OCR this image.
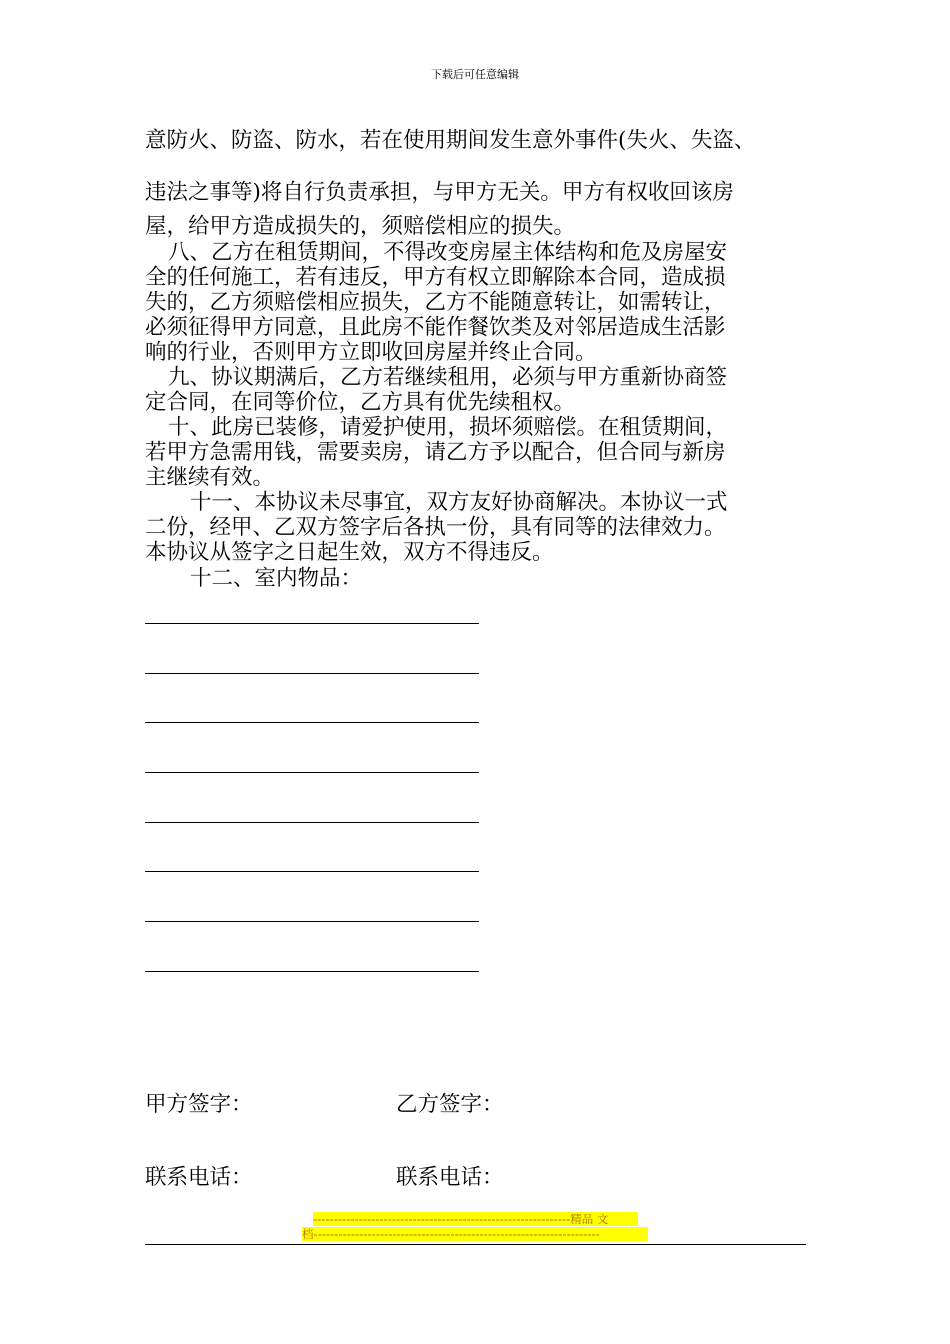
下载后可任意编辑
意防火、防盗、防水，若在使用期间发生意外事件(失火、失盗、
违法之事等)将自行负责承担，与甲方无关。甲方有权收回该房
屋，给甲方造成损失的，须赔偿相应的损失。
八、乙方在租赁期间，不得改变房屋主体结构和危及房屋安
全的任何施工，若有违反，甲方有权立即解除本合同，造成损
失的，乙方须赔偿相应损失，乙方不能随意转让，如需转让，
必须征得甲方同意，且此房不能作餐饮类及对邻居造成生活影
响的行业，否则甲方立即收回房屋并终止合同。
九、协议期满后，乙方若继续租用，必须与甲方重新协商签
定合同，在同等价位，乙方具有优先续租权。
十、此房已装修，请爱护使用，损坏须赔偿。在租赁期间，
若甲方急需用钱，需要卖房，请乙方予以配合，但合同与新房
主继续有效。
十一、本协议未尽事宜，双方友好协商解决。本协议一式
二份，经甲、乙双方签字后各执一份，具有同等的法律效力。
本协议从签字之日起生效，双方不得违反。
十二、室内物品：
甲方签字：	乙方签字：
联系电话：	联系电话：
--------------------------------------------------------------精品 文
档---------------------------------------------------------------------
